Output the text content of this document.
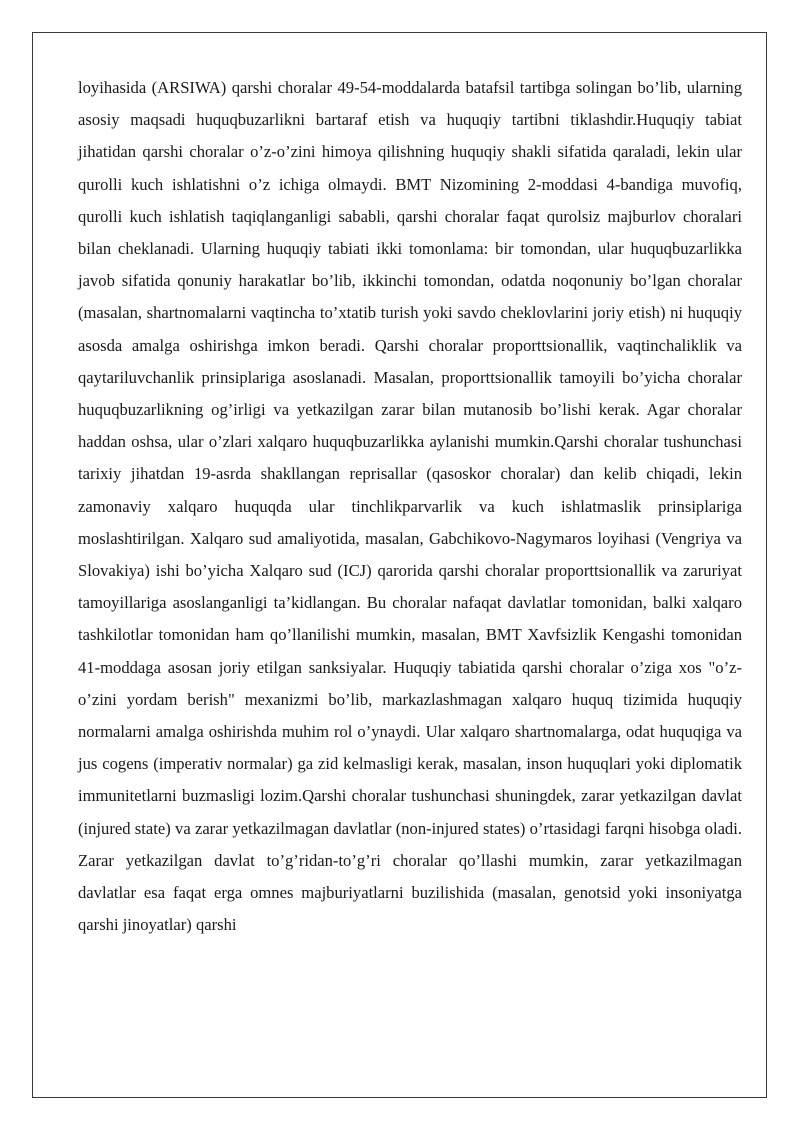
loyihasida (ARSIWA) qarshi choralar 49-54-moddalarda batafsil tartibga solingan bo’lib, ularning asosiy maqsadi huquqbuzarlikni bartaraf etish va huquqiy tartibni tiklashdir.Huquqiy tabiat jihatidan qarshi choralar o’z-o’zini himoya qilishning huquqiy shakli sifatida qaraladi, lekin ular qurolli kuch ishlatishni o’z ichiga olmaydi. BMT Nizomining 2-moddasi 4-bandiga muvofiq, qurolli kuch ishlatish taqiqlanganligi sababli, qarshi choralar faqat qurolsiz majburlov choralari bilan cheklanadi. Ularning huquqiy tabiati ikki tomonlama: bir tomondan, ular huquqbuzarlikka javob sifatida qonuniy harakatlar bo’lib, ikkinchi tomondan, odatda noqonuniy bo’lgan choralar (masalan, shartnomalarni vaqtincha to’xtatib turish yoki savdo cheklovlarini joriy etish) ni huquqiy asosda amalga oshirishga imkon beradi. Qarshi choralar proporttsionallik, vaqtinchaliklik va qaytariluvchanlik prinsiplariga asoslanadi. Masalan, proporttsionallik tamoyili bo’yicha choralar huquqbuzarlikning og’irligi va yetkazilgan zarar bilan mutanosib bo’lishi kerak. Agar choralar haddan oshsa, ular o’zlari xalqaro huquqbuzarlikka aylanishi mumkin.Qarshi choralar tushunchasi tarixiy jihatdan 19-asrda shakllangan reprisallar (qasoskor choralar) dan kelib chiqadi, lekin zamonaviy xalqaro huquqda ular tinchlikparvarlik va kuch ishlatmaslik prinsiplariga moslashtirilgan. Xalqaro sud amaliyotida, masalan, Gabchikovo-Nagymaros loyihasi (Vengriya va Slovakiya) ishi bo’yicha Xalqaro sud (ICJ) qarorida qarshi choralar proporttsionallik va zaruriyat tamoyillariga asoslanganligi ta’kidlangan. Bu choralar nafaqat davlatlar tomonidan, balki xalqaro tashkilotlar tomonidan ham qo’llanilishi mumkin, masalan, BMT Xavfsizlik Kengashi tomonidan 41-moddaga asosan joriy etilgan sanksiyalar. Huquqiy tabiatida qarshi choralar o’ziga xos "o’z-o’zini yordam berish" mexanizmi bo’lib, markazlashmagan xalqaro huquq tizimida huquqiy normalarni amalga oshirishda muhim rol o’ynaydi. Ular xalqaro shartnomalarga, odat huquqiga va jus cogens (imperativ normalar) ga zid kelmasligi kerak, masalan, inson huquqlari yoki diplomatik immunitetlarni buzmasligi lozim.Qarshi choralar tushunchasi shuningdek, zarar yetkazilgan davlat (injured state) va zarar yetkazilmagan davlatlar (non-injured states) o’rtasidagi farqni hisobga oladi. Zarar yetkazilgan davlat to’g’ridan-to’g’ri choralar qo’llashi mumkin, zarar yetkazilmagan davlatlar esa faqat erga omnes majburiyatlarni buzilishida (masalan, genotsid yoki insoniyatga qarshi jinoyatlar) qarshi
